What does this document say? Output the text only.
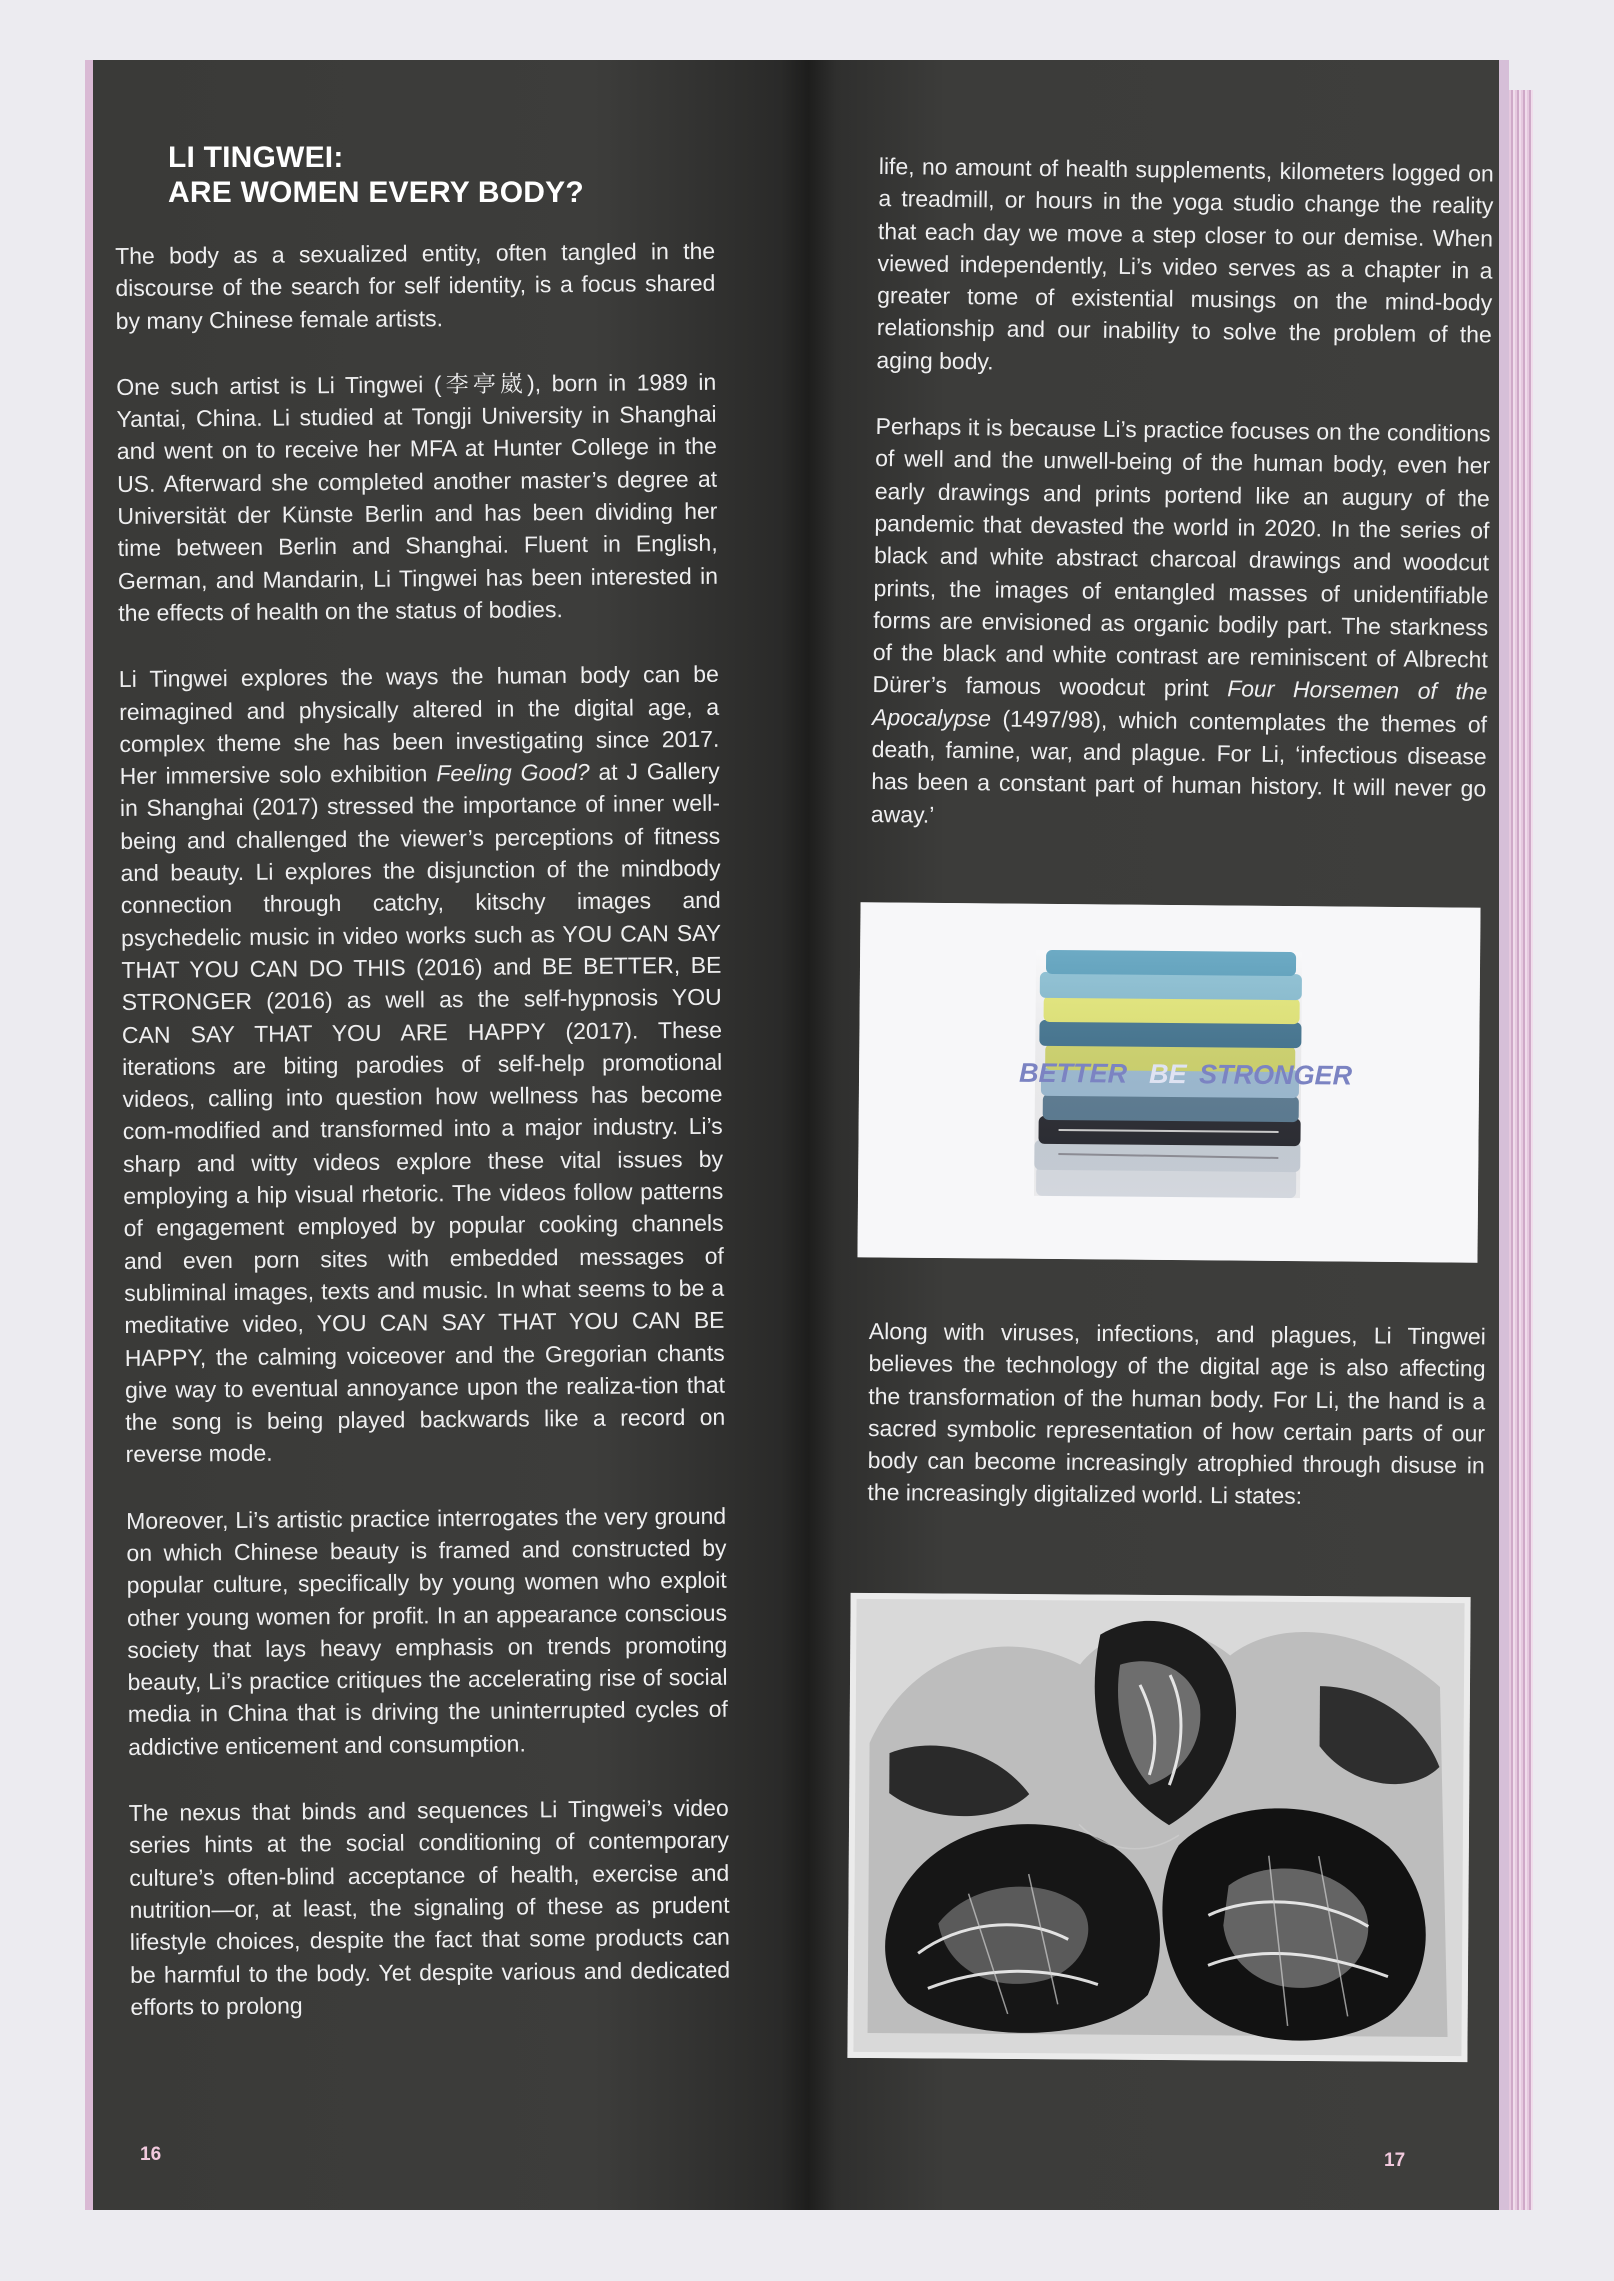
LI TINGWEI:
ARE WOMEN EVERY BODY?

The body as a sexualized entity, often tangled in the discourse of the search for self identity, is a focus shared by many Chinese female artists.

One such artist is Li Tingwei (李亭崴), born in 1989 in Yantai, China. Li studied at Tongji University in Shanghai and went on to receive her MFA at Hunter College in the US. Afterward she completed another master’s degree at Universität der Künste Berlin and has been dividing her time between Berlin and Shanghai. Fluent in English, German, and Mandarin, Li Tingwei has been interested in the effects of health on the status of bodies.

Li Tingwei explores the ways the human body can be reimagined and physically altered in the digital age, a complex theme she has been investigating since 2017. Her immersive solo exhibition Feeling Good? at J Gallery in Shanghai (2017) stressed the importance of inner well-being and challenged the viewer’s perceptions of fitness and beauty. Li explores the disjunction of the mindbody connection through catchy, kitschy images and psychedelic music in video works such as YOU CAN SAY THAT YOU CAN DO THIS (2016) and BE BETTER, BE STRONGER (2016) as well as the self-hypnosis YOU CAN SAY THAT YOU ARE HAPPY (2017). These iterations are biting parodies of self-help promotional videos, calling into question how wellness has become com-modified and transformed into a major industry. Li’s sharp and witty videos explore these vital issues by employing a hip visual rhetoric. The videos follow patterns of engagement employed by popular cooking channels and even porn sites with embedded messages of subliminal images, texts and music. In what seems to be a meditative video, YOU CAN SAY THAT YOU CAN BE HAPPY, the calming voiceover and the Gregorian chants give way to eventual annoyance upon the realiza-tion that the song is being played backwards like a record on reverse mode.

Moreover, Li’s artistic practice interrogates the very ground on which Chinese beauty is framed and constructed by popular culture, specifically by young women who exploit other young women for profit. In an appearance conscious society that lays heavy emphasis on trends promoting beauty, Li’s practice critiques the accelerating rise of social media in China that is driving the uninterrupted cycles of addictive enticement and consumption.

The nexus that binds and sequences Li Tingwei’s video series hints at the social conditioning of contemporary culture’s often-blind acceptance of health, exercise and nutrition—or, at least, the signaling of these as prudent lifestyle choices, despite the fact that some products can be harmful to the body. Yet despite various and dedicated efforts to prolong

16

life, no amount of health supplements, kilometers logged on a treadmill, or hours in the yoga studio change the reality that each day we move a step closer to our demise. When viewed independently, Li’s video serves as a chapter in a greater tome of existential musings on the mind-body relationship and our inability to solve the problem of the aging body.

Perhaps it is because Li’s practice focuses on the conditions of well and the unwell-being of the human body, even her early drawings and prints portend like an augury of the pandemic that devasted the world in 2020. In the series of black and white abstract charcoal drawings and woodcut prints, the images of entangled masses of unidentifiable forms are envisioned as organic bodily part. The starkness of the black and white contrast are reminiscent of Albrecht Dürer’s famous woodcut print Four Horsemen of the Apocalypse (1497/98), which contemplates the themes of death, famine, war, and plague. For Li, ‘infectious disease has been a constant part of human history. It will never go away.’

BETTER BE STRONGER

Along with viruses, infections, and plagues, Li Tingwei believes the technology of the digital age is also affecting the transformation of the human body. For Li, the hand is a sacred symbolic representation of how certain parts of our body can become increasingly atrophied through disuse in the increasingly digitalized world. Li states:

17
